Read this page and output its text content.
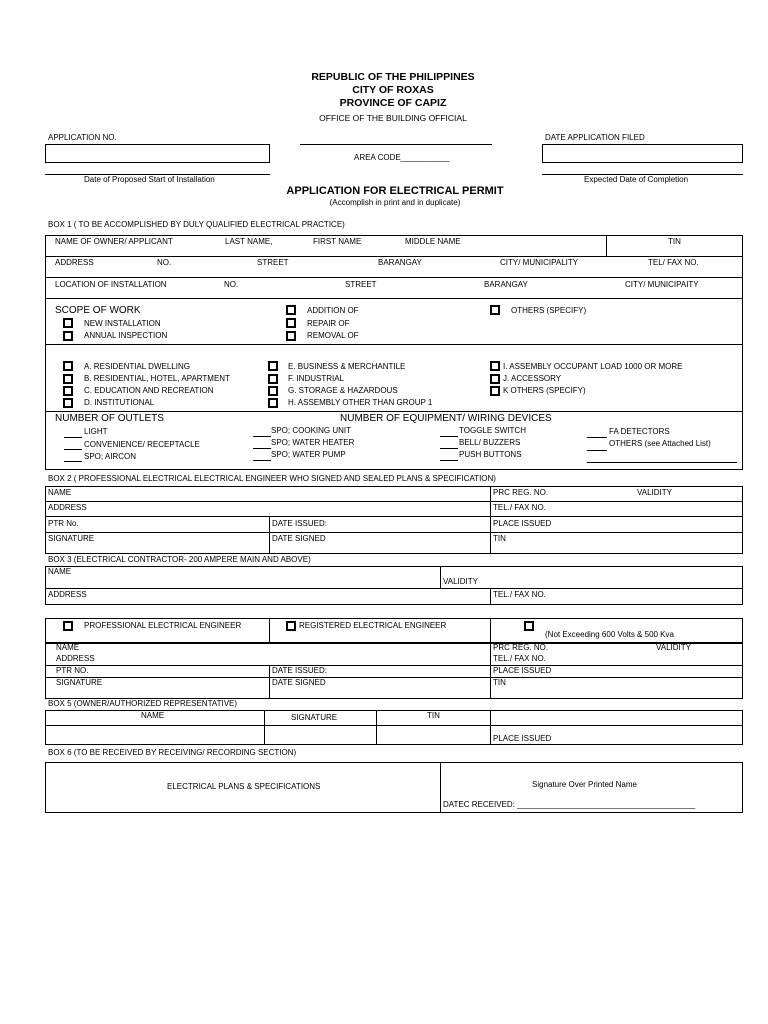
REPUBLIC OF THE PHILIPPINES
CITY OF ROXAS
PROVINCE OF CAPIZ
OFFICE OF THE BUILDING OFFICIAL
APPLICATION NO.
AREA CODE___________
DATE APPLICATION FILED
Date of Proposed Start of Installation	Expected Date of Completion
APPLICATION FOR ELECTRICAL PERMIT
(Accomplish in print and in duplicate)
BOX 1 ( TO BE ACCOMPLISHED BY DULY QUALIFIED ELECTRICAL PRACTICE)
NAME OF OWNER/ APPLICANT	LAST NAME,	FIRST NAME	MIDDLE NAME	TIN
ADDRESS	NO.	STREET	BARANGAY	CITY/ MUNICIPALITY	TEL/ FAX NO.
LOCATION OF INSTALLATION	NO.	STREET	BARANGAY	CITY/ MUNICIPAITY
SCOPE OF WORK
NEW INSTALLATION
ANNUAL INSPECTION
ADDITION OF
REPAIR OF
REMOVAL OF
OTHERS (SPECIFY)
A. RESIDENTIAL DWELLING
B. RESIDENTIAL, HOTEL, APARTMENT
C. EDUCATION AND RECREATION
D. INSTITUTIONAL
E. BUSINESS & MERCHANTILE
F. INDUSTRIAL
G. STORAGE & HAZARDOUS
H. ASSEMBLY OTHER THAN GROUP 1
I. ASSEMBLY OCCUPANT LOAD 1000 OR MORE
J. ACCESSORY
K OTHERS (SPECIFY)
NUMBER OF OUTLETS	NUMBER OF EQUIPMENT/ WIRING DEVICES
LIGHT
CONVENIENCE/ RECEPTACLE
SPO; AIRCON
SPO; COOKING UNIT
SPO; WATER HEATER
SPO; WATER PUMP
TOGGLE SWITCH
BELL/ BUZZERS
PUSH BUTTONS
FA DETECTORS
OTHERS (see Attached List)
BOX 2 ( PROFESSIONAL ELECTRICAL ELECTRICAL ENGINEER WHO SIGNED AND SEALED PLANS & SPECIFICATION)
NAME	PRC REG. NO.	VALIDITY
ADDRESS	TEL./ FAX NO.
PTR No.	DATE ISSUED:	PLACE ISSUED
SIGNATURE	DATE SIGNED	TIN
BOX 3 (ELECTRICAL CONTRACTOR- 200 AMPERE MAIN AND ABOVE)
NAME
VALIDITY
ADDRESS	TEL./ FAX NO.
PROFESSIONAL ELECTRICAL ENGINEER	REGISTERED ELECTRICAL ENGINEER
(Not Exceeding 600 Volts & 500 Kva
NAME	PRC REG. NO.	VALIDITY
ADDRESS	TEL./ FAX NO.
PTR NO.	DATE ISSUED:	PLACE ISSUED
SIGNATURE	DATE SIGNED	TIN
BOX 5 (OWNER/AUTHORIZED REPRESENTATIVE)
NAME	SIGNATURE	TIN
PLACE ISSUED
BOX 6 (TO BE RECEIVED BY RECEIVING/ RECORDING SECTION)
ELECTRICAL PLANS & SPECIFICATIONS	Signature Over Printed Name
DATEC RECEIVED: ________________________________________
